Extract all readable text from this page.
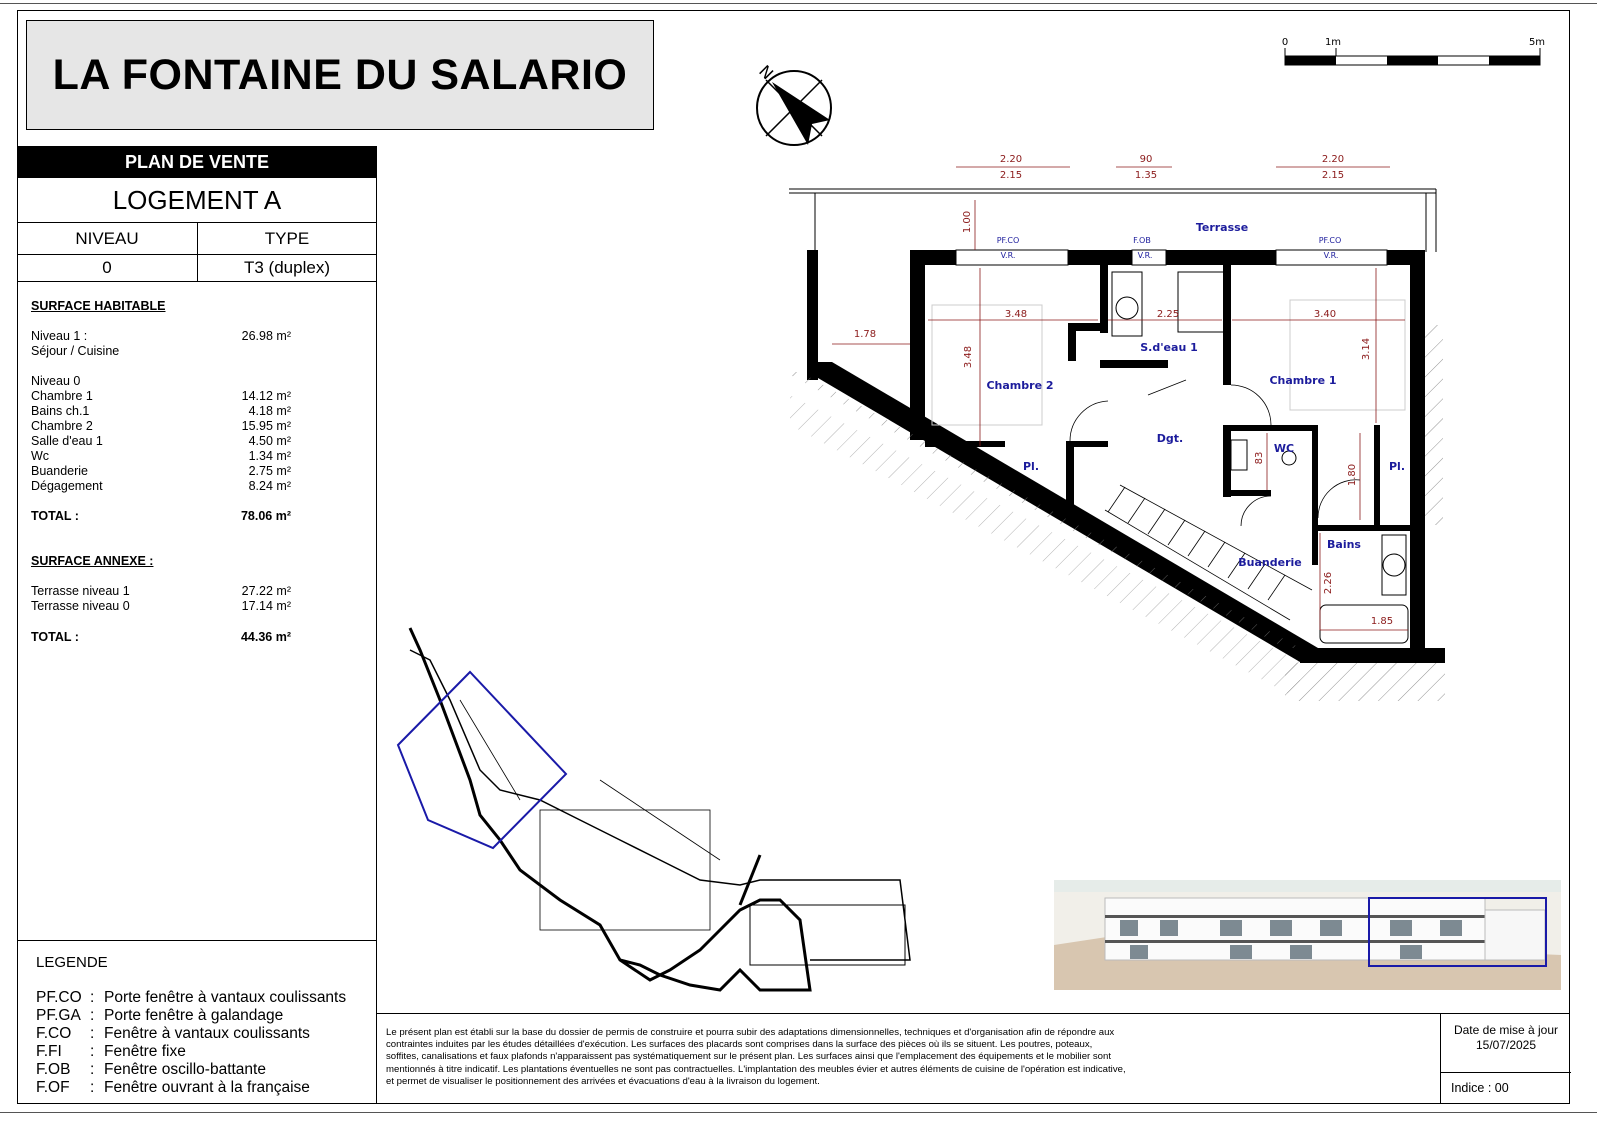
LA FONTAINE DU SALARIO
PLAN DE VENTE
LOGEMENT A
NIVEAU	TYPE
0	T3 (duplex)
SURFACE HABITABLE
Niveau 1 :	26.98 m²
Séjour / Cuisine
Niveau 0
Chambre 1	14.12 m²
Bains ch.1	4.18 m²
Chambre 2	15.95 m²
Salle d'eau 1	4.50 m²
Wc	1.34 m²
Buanderie	2.75 m²
Dégagement	8.24 m²
TOTAL :	78.06 m²
SURFACE ANNEXE :
Terrasse niveau 1	27.22 m²
Terrasse niveau 0	17.14 m²
TOTAL :	44.36 m²
LEGENDE
PF.CO : Porte fenêtre à vantaux coulissants
PF.GA : Porte fenêtre à galandage
F.CO : Fenêtre à vantaux coulissants
F.FI : Fenêtre fixe
F.OB : Fenêtre oscillo-battante
F.OF : Fenêtre ouvrant à la française
Le présent plan est établi sur la base du dossier de permis de construire et pourra subir des adaptations dimensionnelles, techniques et d'organisation afin de répondre aux contraintes induites par les études détaillées d'exécution. Les surfaces des placards sont comprises dans la surface des pièces où ils se situent. Les poutres, poteaux, soffites, canalisations et faux plafonds n'apparaissent pas systématiquement sur le présent plan. Les surfaces ainsi que l'emplacement des équipements et le mobilier sont mentionnés à titre indicatif. Les plantations éventuelles ne sont pas contractuelles. L'implantation des meubles évier et autres éléments de cuisine de l'opération est indicative, et permet de visualiser le positionnement des arrivées et évacuations d'eau à la livraison du logement.
Date de mise à jour
15/07/2025
Indice : 00
0	1m	5m
N
Terrasse
Chambre 2
S.d'eau 1
Chambre 1
Dgt.
WC
Pl.	Pl.
Bains
Buanderie
PF.CO
V.R.
F.OB
V.R.
PF.CO
V.R.
2.20
2.15
90
1.35
2.20
2.15
1.00
1.78
3.48
3.48
2.25	3.40
3.14
83
1.80
2.26
1.85
